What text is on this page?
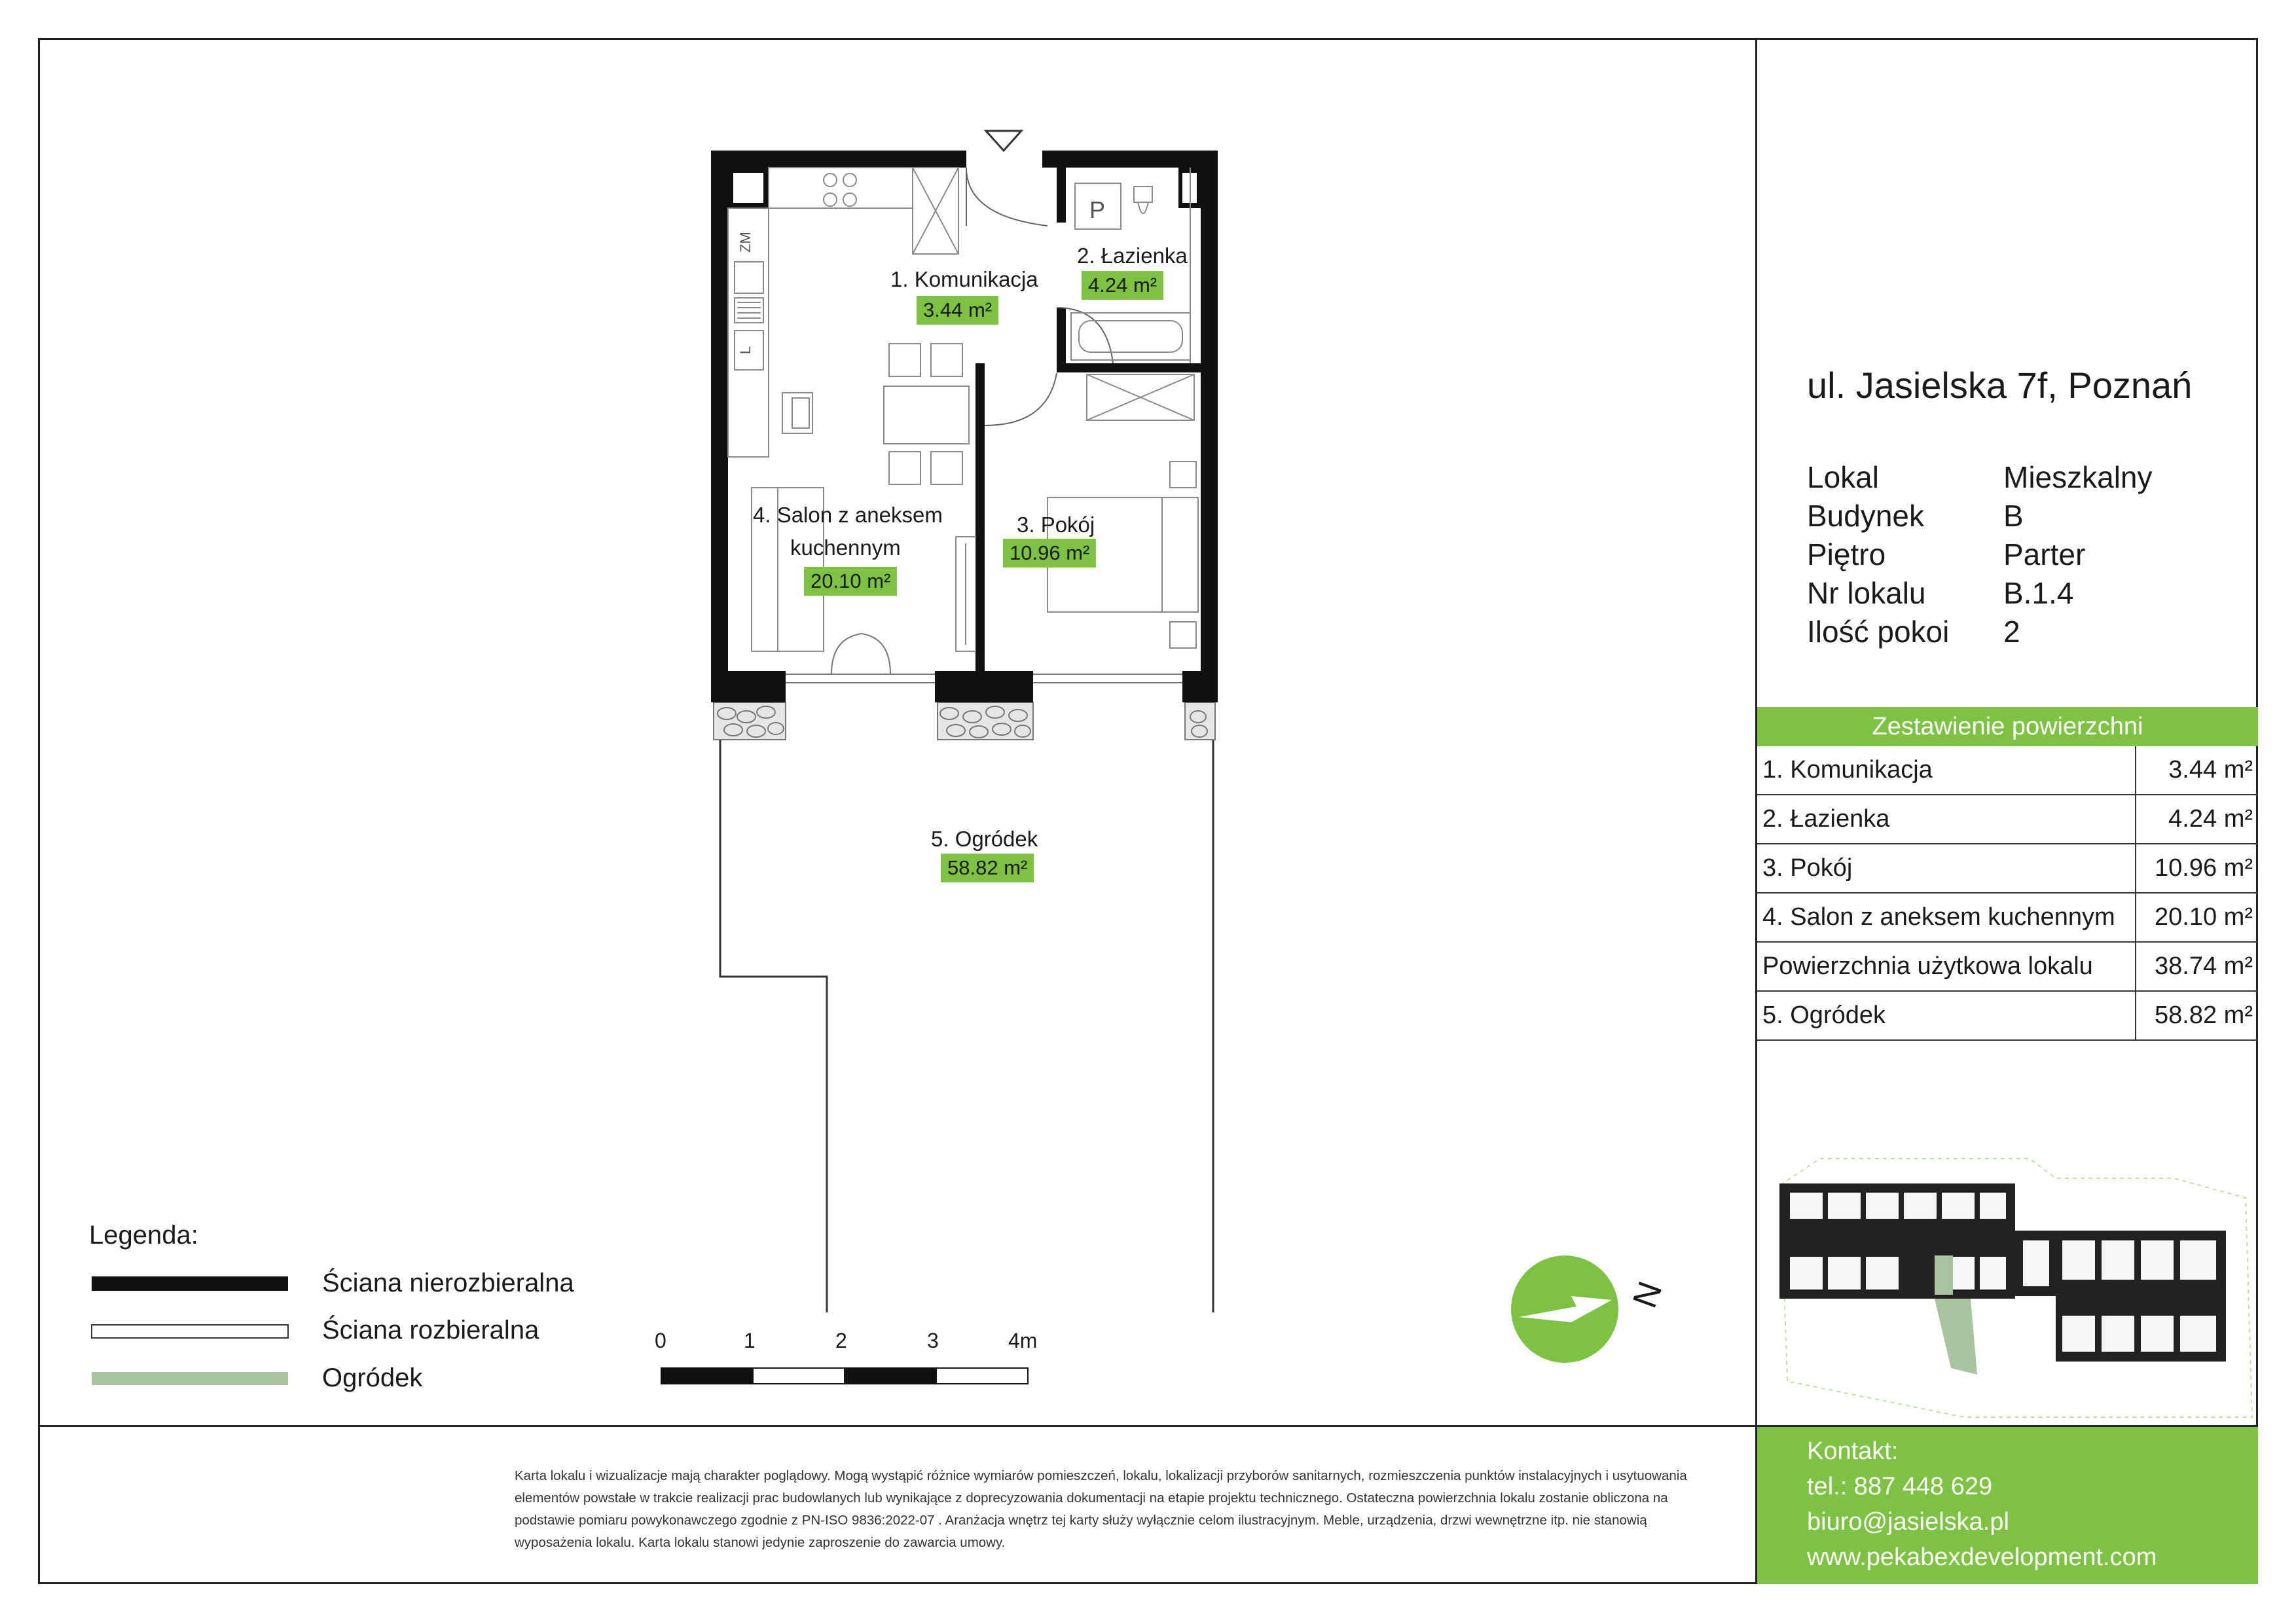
ZM
L
P
1. Komunikacja
3.44 m²
2. Łazienka
4.24 m²
3. Pokój
10.96 m²
4. Salon z aneksem
kuchennym
20.10 m²
5. Ogródek
58.82 m²
ul. Jasielska 7f, Poznań
Lokal	Mieszkalny
Budynek	B
Piętro	Parter
Nr lokalu	B.1.4
Ilość pokoi	2
Zestawienie powierzchni
1. Komunikacja	3.44 m²
2. Łazienka	4.24 m²
3. Pokój	10.96 m²
4. Salon z aneksem kuchennym	20.10 m²
Powierzchnia użytkowa lokalu	38.74 m²
5. Ogródek	58.82 m²
Legenda:
Ściana nierozbieralna
Ściana rozbieralna
Ogródek
0	1	2	3	4m
N
Karta lokalu i wizualizacje mają charakter poglądowy. Mogą wystąpić różnice wymiarów pomieszczeń, lokalu, lokalizacji przyborów sanitarnych, rozmieszczenia punktów instalacyjnych i usytuowania elementów powstałe w trakcie realizacji prac budowlanych lub wynikające z doprecyzowania dokumentacji na etapie projektu technicznego. Ostateczna powierzchnia lokalu zostanie obliczona na podstawie pomiaru powykonawczego zgodnie z PN-ISO 9836:2022-07 . Aranżacja wnętrz tej karty służy wyłącznie celom ilustracyjnym. Meble, urządzenia, drzwi wewnętrzne itp. nie stanowią wyposażenia lokalu. Karta lokalu stanowi jedynie zaproszenie do zawarcia umowy.
Kontakt:
tel.: 887 448 629
biuro@jasielska.pl
www.pekabexdevelopment.com
